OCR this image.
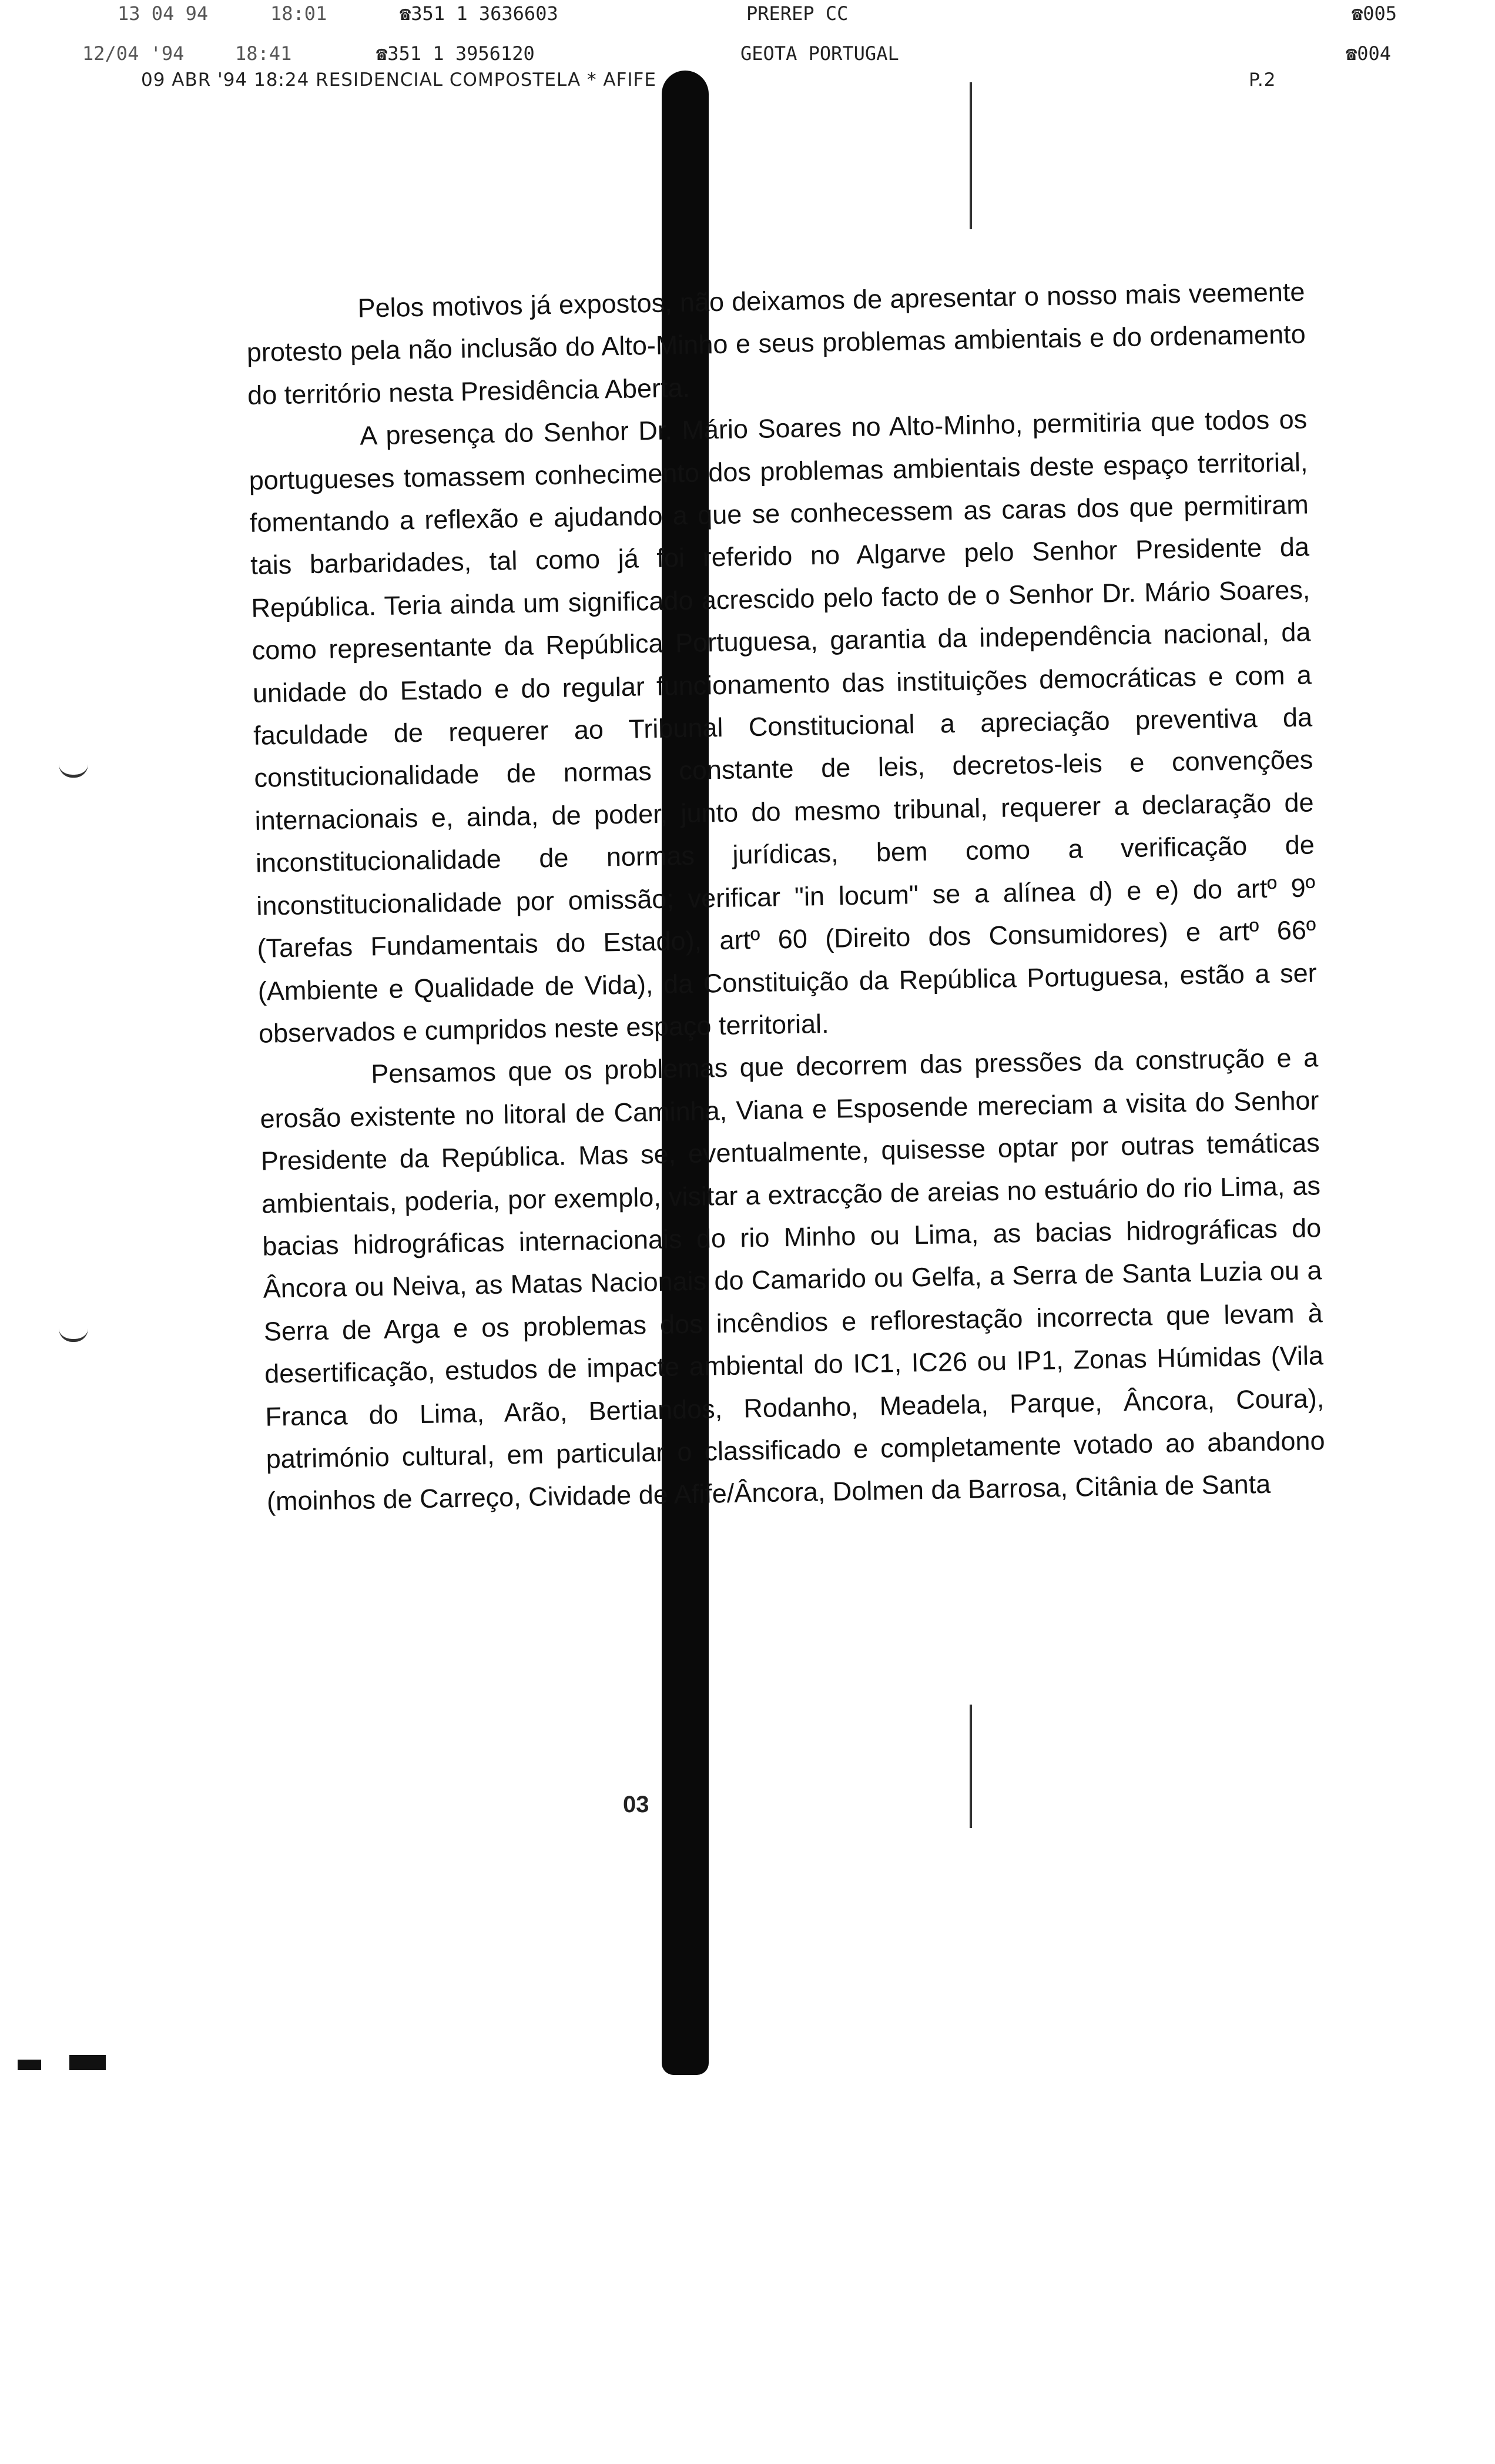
13 04 94

	18:01

	☎351 1 3636603

	PREREP CC

	☎005

12/04 '94

	18:41

	☎351 1 3956120

	GEOTA PORTUGAL

	☎004

09 ABR '94 18:24 RESIDENCIAL COMPOSTELA * AFIFE

	P.2

Pelos motivos já expostos, não deixamos de apresentar o nosso mais veemente protesto pela não inclusão do Alto-Minho e seus problemas ambientais e do ordenamento do território nesta Presidência Aberta.

A presença do Senhor Dr. Mário Soares no Alto-Minho, permitiria que todos os portugueses tomassem conhecimento dos problemas ambientais deste espaço territorial, fomentando a reflexão e ajudando a que se conhecessem as caras dos que permitiram tais barbaridades, tal como já foi referido no Algarve pelo Senhor Presidente da República. Teria ainda um significado acrescido pelo facto de o Senhor Dr. Mário Soares, como representante da República Portuguesa, garantia da independência nacional, da unidade do Estado e do regular funcionamento das instituições democráticas e com a faculdade de requerer ao Tribunal Constitucional a apreciação preventiva da constitucionalidade de normas constante de leis, decretos-leis e convenções internacionais e, ainda, de poder, junto do mesmo tribunal, requerer a declaração de inconstitucionalidade de normas jurídicas, bem como a verificação de inconstitucionalidade por omissão; verificar "in locum" se a alínea d) e e) do artº 9º (Tarefas Fundamentais do Estado), artº 60 (Direito dos Consumidores) e artº 66º (Ambiente e Qualidade de Vida), da Constituição da República Portuguesa, estão a ser observados e cumpridos neste espaço territorial.

Pensamos que os problemas que decorrem das pressões da construção e a erosão existente no litoral de Caminha, Viana e Esposende mereciam a visita do Senhor Presidente da República. Mas se, eventualmente, quisesse optar por outras temáticas ambientais, poderia, por exemplo, visitar a extracção de areias no estuário do rio Lima, as bacias hidrográficas internacionais do rio Minho ou Lima, as bacias hidrográficas do Âncora ou Neiva, as Matas Nacionais do Camarido ou Gelfa, a Serra de Santa Luzia ou a Serra de Arga e os problemas dos incêndios e reflorestação incorrecta que levam à desertificação, estudos de impacte ambiental do IC1, IC26 ou IP1, Zonas Húmidas (Vila Franca do Lima, Arão, Bertiandos, Rodanho, Meadela, Parque, Âncora, Coura), património cultural, em particular o classificado e completamente votado ao abandono (moinhos de Carreço, Cividade de Afife/Âncora, Dolmen da Barrosa, Citânia de Santa

03
